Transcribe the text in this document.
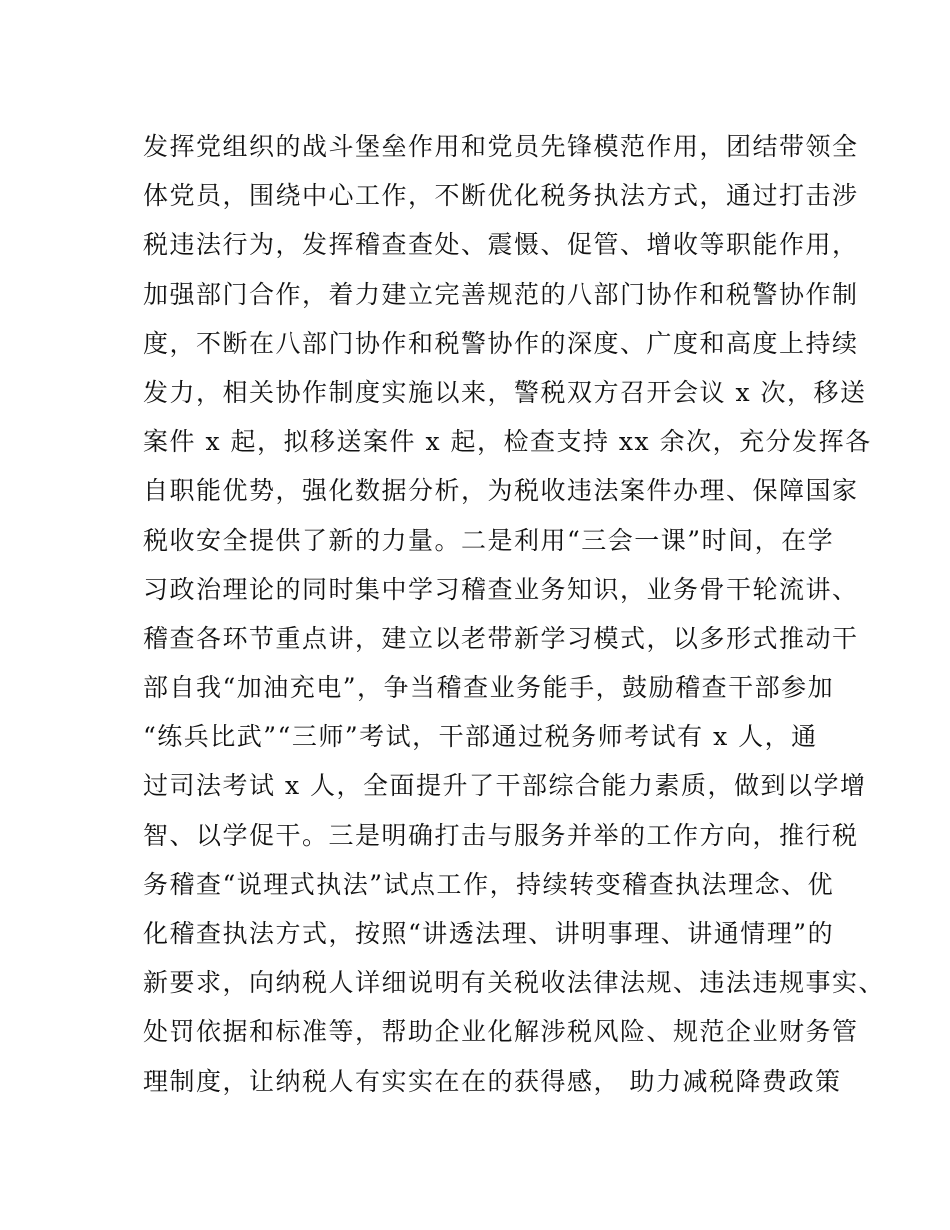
发挥党组织的战斗堡垒作用和党员先锋模范作用，团结带领全
体党员，围绕中心工作，不断优化税务执法方式，通过打击涉
税违法行为，发挥稽查查处、震慑、促管、增收等职能作用，
加强部门合作，着力建立完善规范的八部门协作和税警协作制
度，不断在八部门协作和税警协作的深度、广度和高度上持续
发力，相关协作制度实施以来，警税双方召开会议 x 次，移送
案件 x 起，拟移送案件 x 起，检查支持 xx 余次，充分发挥各
自职能优势，强化数据分析，为税收违法案件办理、保障国家
税收安全提供了新的力量。二是利用“三会一课”时间，在学
习政治理论的同时集中学习稽查业务知识，业务骨干轮流讲、
稽查各环节重点讲，建立以老带新学习模式，以多形式推动干
部自我“加油充电”，争当稽查业务能手，鼓励稽查干部参加
“练兵比武”“三师”考试，干部通过税务师考试有 x 人，通
过司法考试 x 人，全面提升了干部综合能力素质，做到以学增
智、以学促干。三是明确打击与服务并举的工作方向，推行税
务稽查“说理式执法”试点工作，持续转变稽查执法理念、优
化稽查执法方式，按照“讲透法理、讲明事理、讲通情理”的
新要求，向纳税人详细说明有关税收法律法规、违法违规事实、
处罚依据和标准等，帮助企业化解涉税风险、规范企业财务管
理制度，让纳税人有实实在在的获得感， 助力减税降费政策
